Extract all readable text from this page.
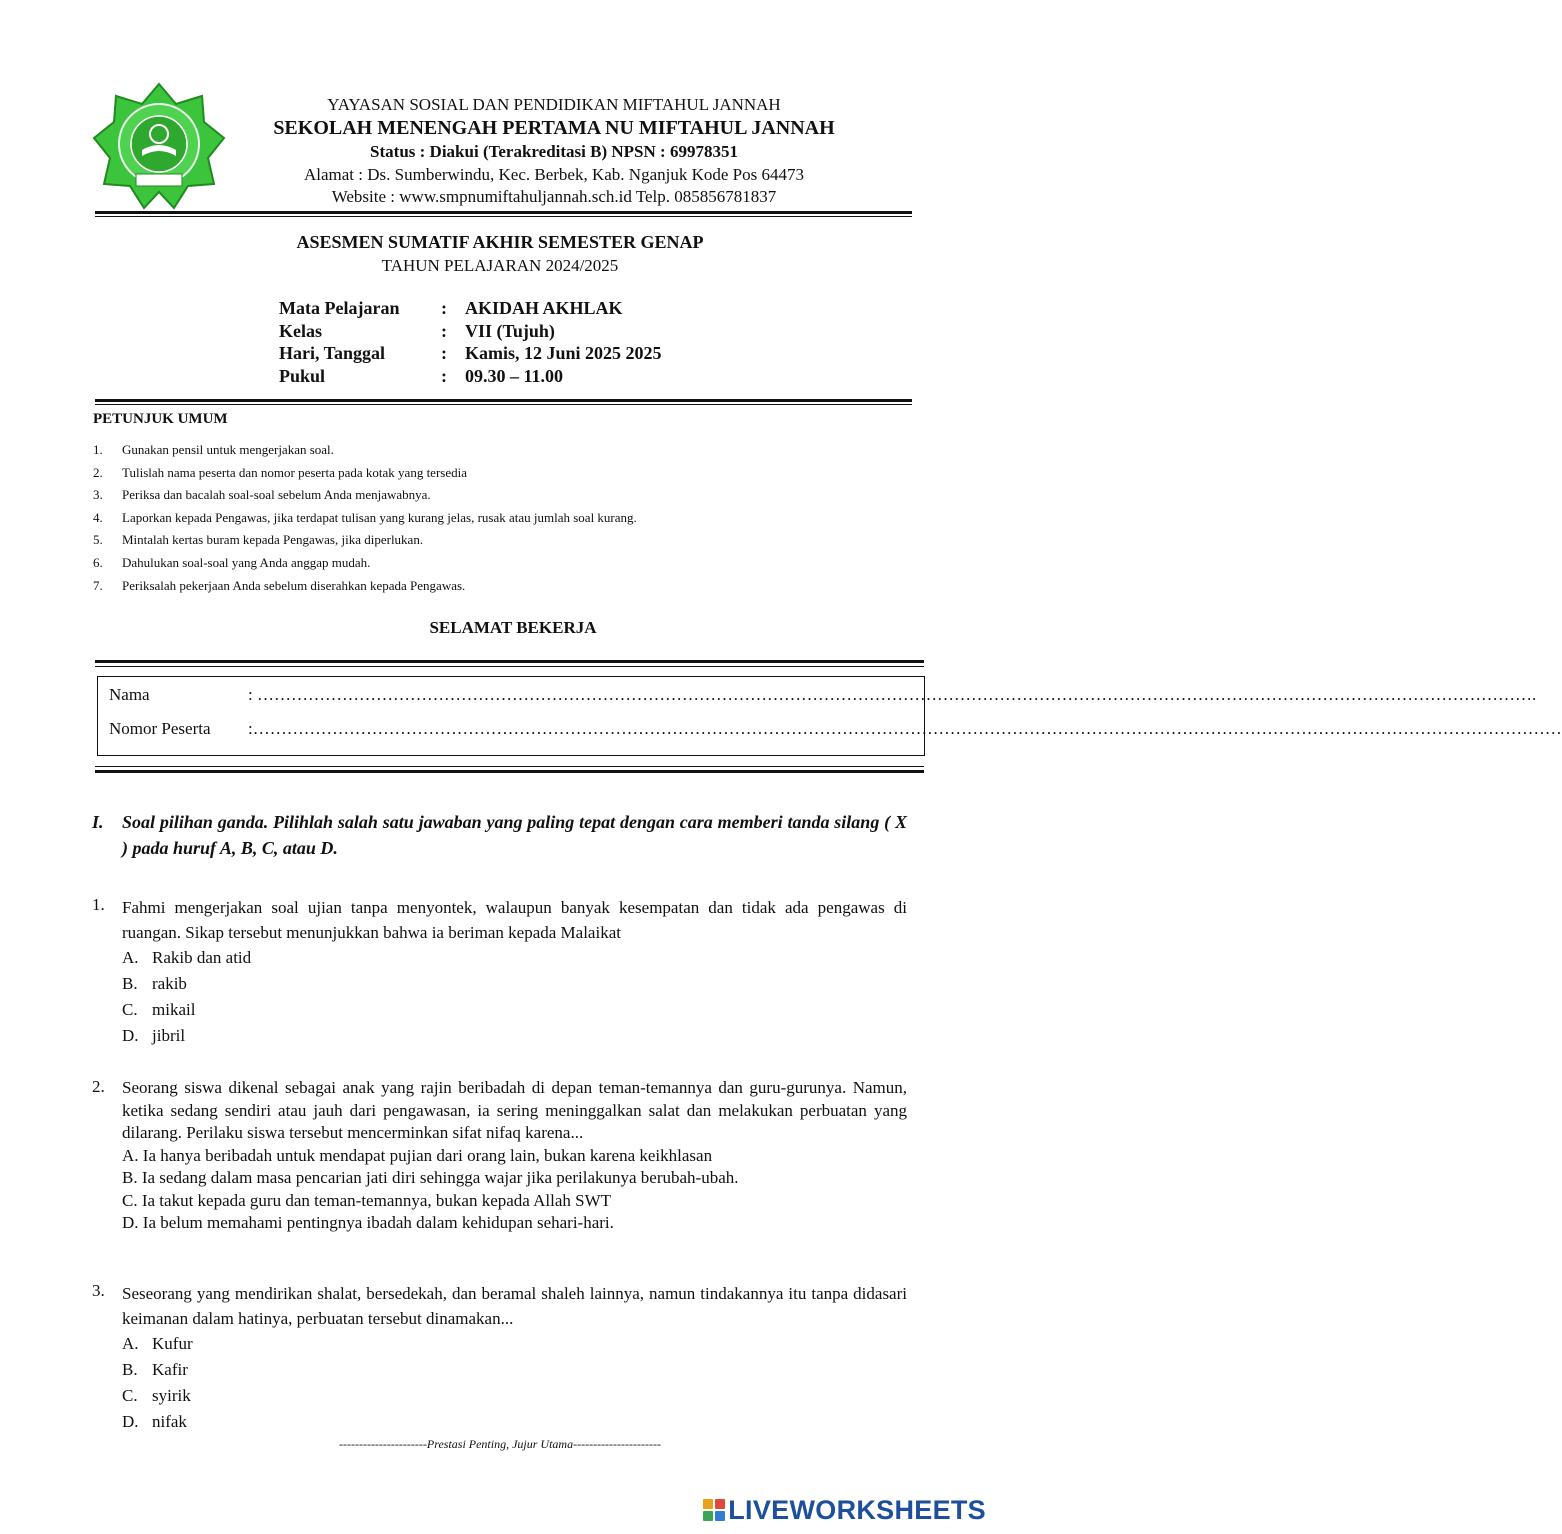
YAYASAN SOSIAL DAN PENDIDIKAN MIFTAHUL JANNAH
SEKOLAH MENENGAH PERTAMA NU MIFTAHUL JANNAH
Status : Diakui (Terakreditasi B) NPSN : 69978351
Alamat : Ds. Sumberwindu, Kec. Berbek, Kab. Nganjuk Kode Pos 64473
Website : www.smpnumiftahuljannah.sch.id Telp. 085856781837
ASESMEN SUMATIF AKHIR SEMESTER GENAP
TAHUN PELAJARAN 2024/2025
Mata Pelajaran	: AKIDAH AKHLAK
Kelas	: VII (Tujuh)
Hari, Tanggal	: Kamis, 12 Juni 2025 2025
Pukul	: 09.30 – 11.00
PETUNJUK UMUM
1. Gunakan pensil untuk mengerjakan soal.
2. Tulislah nama peserta dan nomor peserta pada kotak yang tersedia
3. Periksa dan bacalah soal-soal sebelum Anda menjawabnya.
4. Laporkan kepada Pengawas, jika terdapat tulisan yang kurang jelas, rusak atau jumlah soal kurang.
5. Mintalah kertas buram kepada Pengawas, jika diperlukan.
6. Dahulukan soal-soal yang Anda anggap mudah.
7. Periksalah pekerjaan Anda sebelum diserahkan kepada Pengawas.
SELAMAT BEKERJA
Nama	: ……………………………………………………………………………………………………………………………………………………………………………………………………….
Nomor Peserta :……………………………………………………………………………………………………………………………………………………………………………………………………………
I. Soal pilihan ganda. Pilihlah salah satu jawaban yang paling tepat dengan cara memberi tanda silang ( X ) pada huruf A, B, C, atau D.
1. Fahmi mengerjakan soal ujian tanpa menyontek, walaupun banyak kesempatan dan tidak ada pengawas di ruangan. Sikap tersebut menunjukkan bahwa ia beriman kepada Malaikat
A. Rakib dan atid
B. rakib
C. mikail
D. jibril
2. Seorang siswa dikenal sebagai anak yang rajin beribadah di depan teman-temannya dan guru-gurunya. Namun, ketika sedang sendiri atau jauh dari pengawasan, ia sering meninggalkan salat dan melakukan perbuatan yang dilarang. Perilaku siswa tersebut mencerminkan sifat nifaq karena...
A. Ia hanya beribadah untuk mendapat pujian dari orang lain, bukan karena keikhlasan
B. Ia sedang dalam masa pencarian jati diri sehingga wajar jika perilakunya berubah-ubah.
C. Ia takut kepada guru dan teman-temannya, bukan kepada Allah SWT
D. Ia belum memahami pentingnya ibadah dalam kehidupan sehari-hari.
3. Seseorang yang mendirikan shalat, bersedekah, dan beramal shaleh lainnya, namun tindakannya itu tanpa didasari keimanan dalam hatinya, perbuatan tersebut dinamakan...
A. Kufur
B. Kafir
C. syirik
D. nifak
----------------------Prestasi Penting, Jujur Utama----------------------
LIVEWORKSHEETS
